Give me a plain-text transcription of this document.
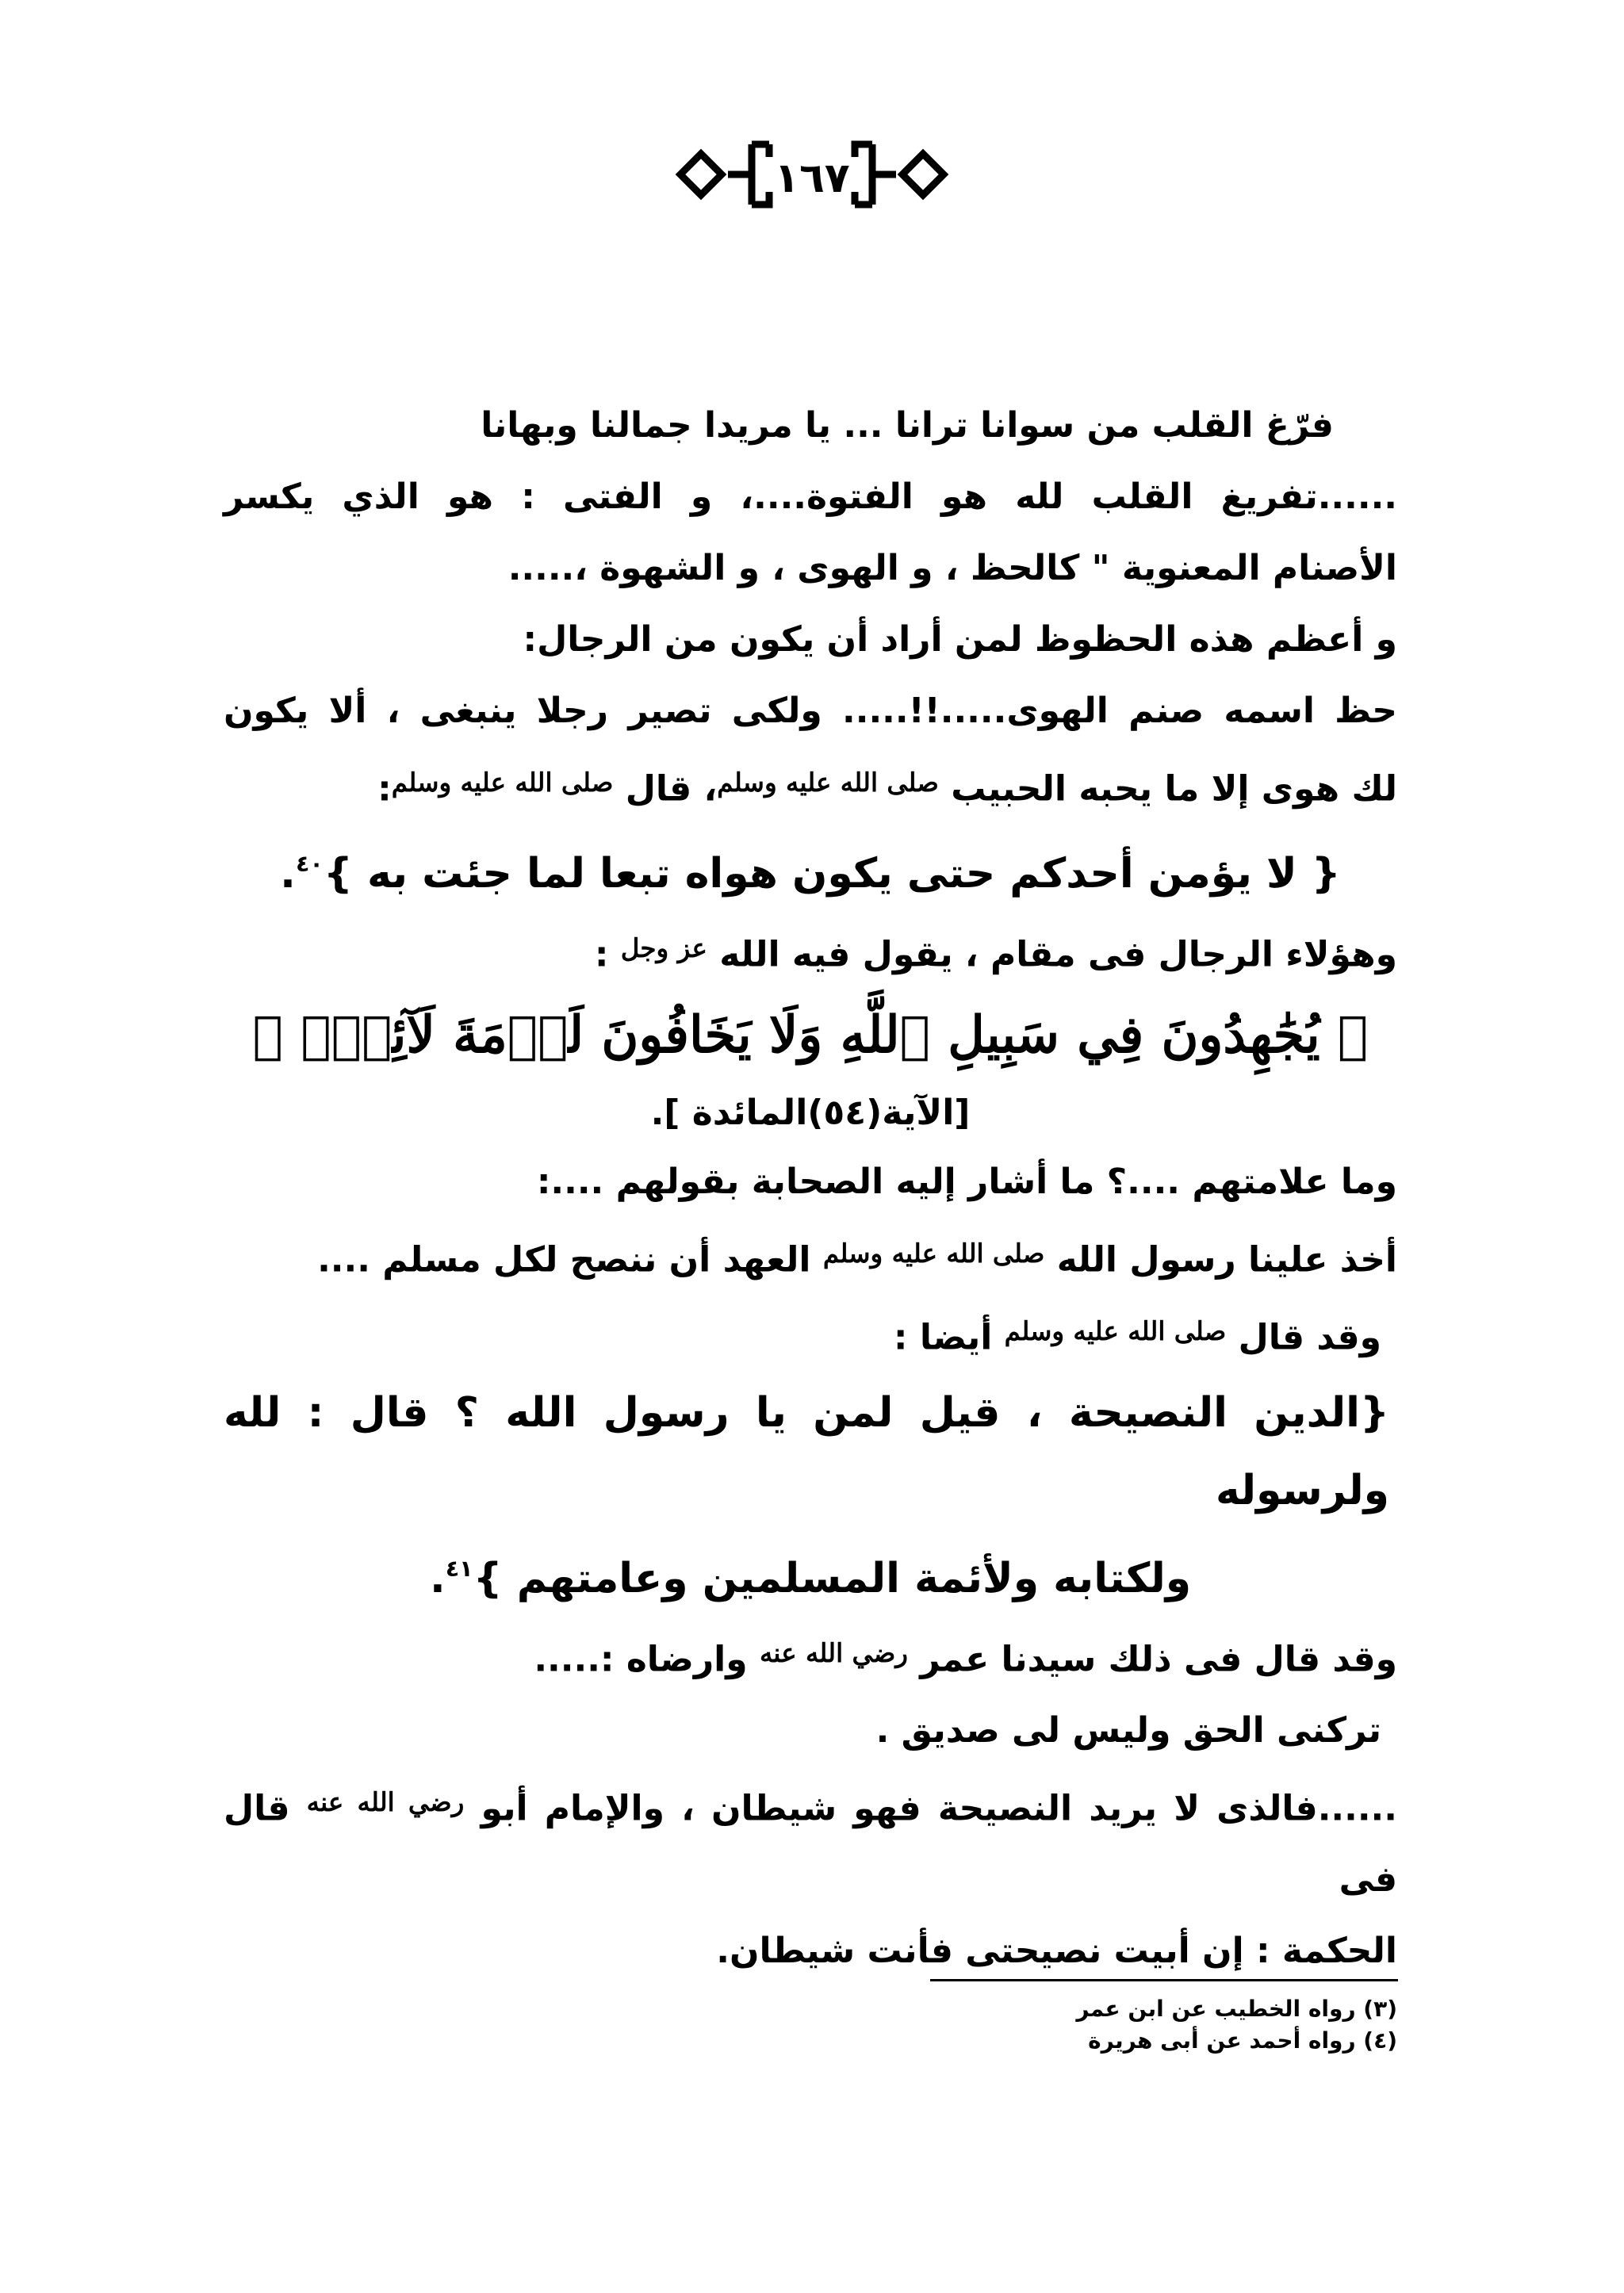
١٦٧

فرّغ القلب من سوانا ترانا ... يا مريدا جمالنا وبهانا

......تفريغ القلب لله هو الفتوة....، و الفتى : هو الذي يكسر

الأصنام المعنوية " كالحظ ، و الهوى ، و الشهوة ،.....

و أعظم هذه الحظوظ لمن أراد أن يكون من الرجال:

حظ اسمه صنم الهوى.....!!..... ولكى تصير رجلا ينبغى ، ألا يكون

لك هوى إلا ما يحبه الحبيب $^{صلى الله عليه وسلم}$، قال $^{صلى الله عليه وسلم}$:

{ لا يؤمن أحدكم حتى يكون هواه تبعا لما جئت به }$^{٤٠}$.

وهؤلاء الرجال فى مقام ، يقول فيه الله $^{عز وجل}$ :

﴿ يُجَٰهِدُونَ فِي سَبِيلِ ٱللَّهِ وَلَا يَخَافُونَ لَوۡمَةَ لَآئِمٖۚ ﴾

[الآية(٥٤)المائدة ].

وما علامتهم ....؟ ما أشار إليه الصحابة بقولهم ....:

أخذ علينا رسول الله $^{صلى الله عليه وسلم}$ العهد أن ننصح لكل مسلم ....

وقد قال $^{صلى الله عليه وسلم}$ أيضا :

{الدين النصيحة ، قيل لمن يا رسول الله ؟ قال : لله ولرسوله

ولكتابه ولأئمة المسلمين وعامتهم }$^{٤١}$.

وقد قال فى ذلك سيدنا عمر $^{رضي الله عنه}$ وارضاه :.....

تركنى الحق وليس لى صديق .

......فالذى لا يريد النصيحة فهو شيطان ، والإمام أبو $^{رضي الله عنه}$ قال فى

الحكمة : إن أبيت نصيحتى فأنت شيطان.

(٣) رواه الخطيب عن ابن عمر

(٤) رواه أحمد عن أبى هريرة
